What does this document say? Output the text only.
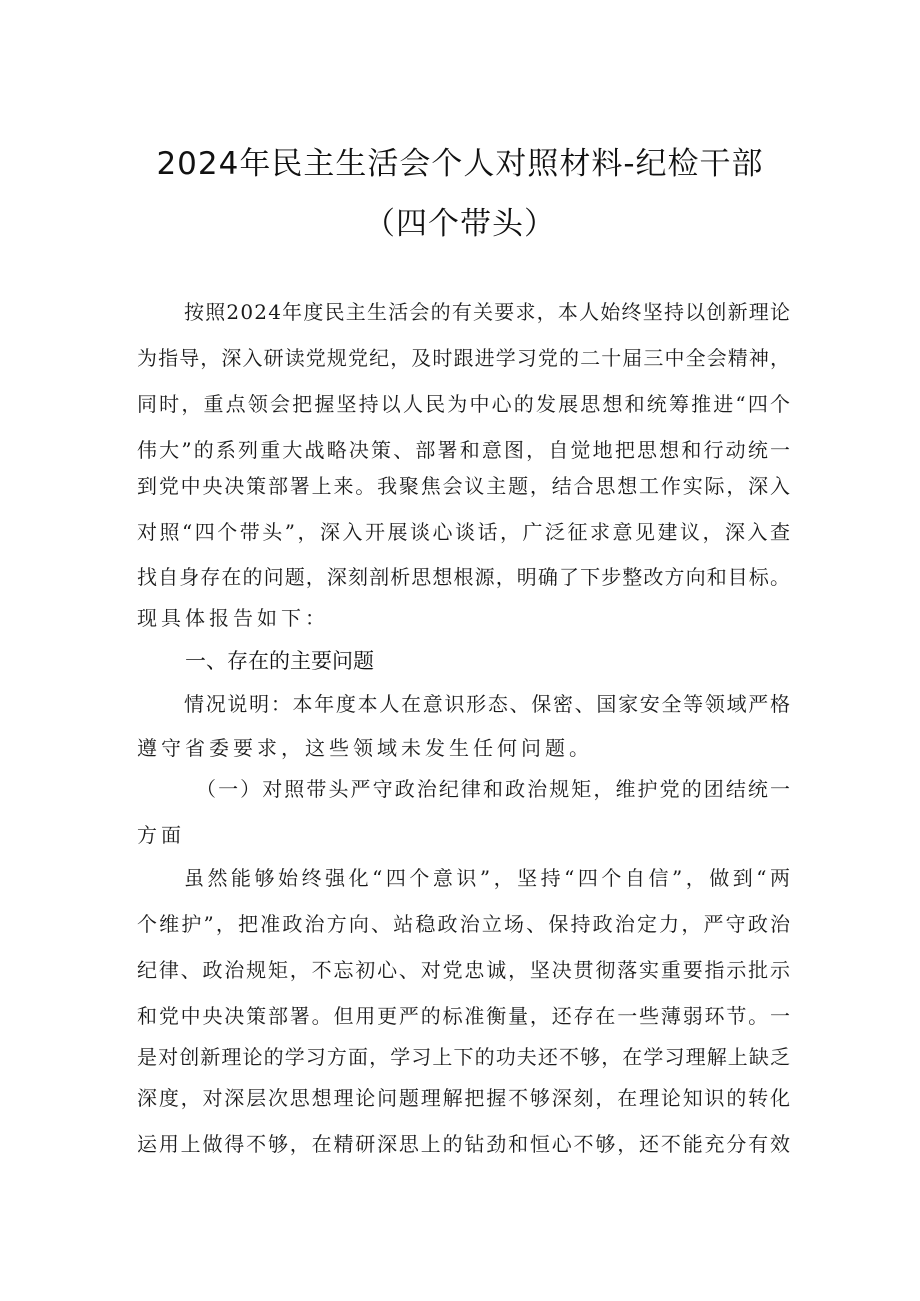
2024年民主生活会个人对照材料-纪检干部
（四个带头）
按照2024年度民主生活会的有关要求，本人始终坚持以创新理论
为指导，深入研读党规党纪，及时跟进学习党的二十届三中全会精神，
同时，重点领会把握坚持以人民为中心的发展思想和统筹推进“四个
伟大”的系列重大战略决策、部署和意图，自觉地把思想和行动统一
到党中央决策部署上来。我聚焦会议主题，结合思想工作实际，深入
对照“四个带头”，深入开展谈心谈话，广泛征求意见建议，深入查
找自身存在的问题，深刻剖析思想根源，明确了下步整改方向和目标。
现具体报告如下：
一、存在的主要问题
情况说明：本年度本人在意识形态、保密、国家安全等领域严格
遵守省委要求，这些领域未发生任何问题。
（一）对照带头严守政治纪律和政治规矩，维护党的团结统一
方面
虽然能够始终强化“四个意识”，坚持“四个自信”，做到“两
个维护”，把准政治方向、站稳政治立场、保持政治定力，严守政治
纪律、政治规矩，不忘初心、对党忠诚，坚决贯彻落实重要指示批示
和党中央决策部署。但用更严的标准衡量，还存在一些薄弱环节。一
是对创新理论的学习方面，学习上下的功夫还不够，在学习理解上缺乏
深度，对深层次思想理论问题理解把握不够深刻，在理论知识的转化
运用上做得不够，在精研深思上的钻劲和恒心不够，还不能充分有效
